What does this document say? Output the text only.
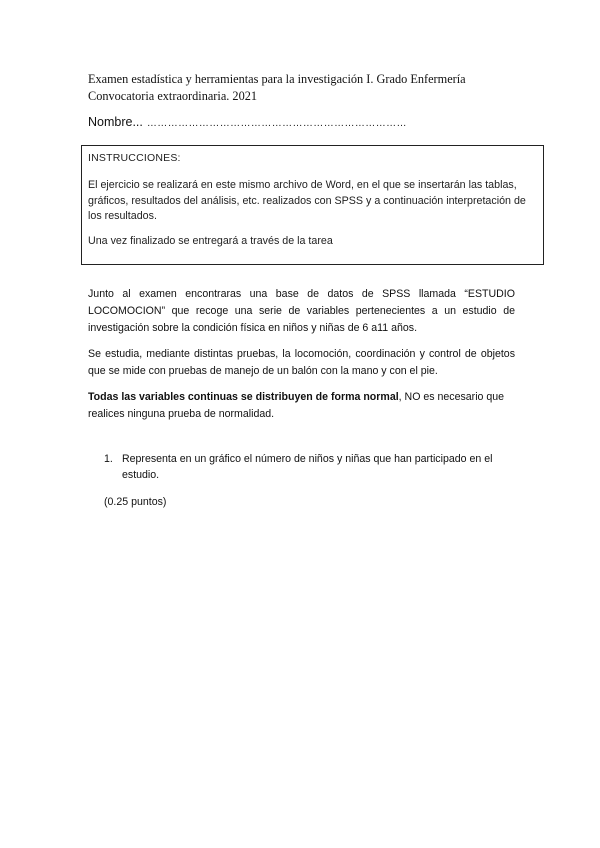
Examen estadística y herramientas para la investigación I. Grado Enfermería
Convocatoria extraordinaria. 2021
Nombre... …………………………………………………………………
INSTRUCCIONES:
El ejercicio se realizará en este mismo archivo de Word, en el que se insertarán las tablas, gráficos, resultados del análisis, etc. realizados con SPSS y a continuación interpretación de los resultados.
Una vez finalizado se entregará a través de la tarea
Junto al examen encontraras una base de datos de SPSS llamada “ESTUDIO LOCOMOCION” que recoge una serie de variables pertenecientes a un estudio de investigación sobre la condición física en niños y niñas de 6 a11 años.
Se estudia, mediante distintas pruebas, la locomoción, coordinación y control de objetos que se mide con pruebas de manejo de un balón con la mano y con el pie.
Todas las variables continuas se distribuyen de forma normal, NO es necesario que realices ninguna prueba de normalidad.
1. Representa en un gráfico el número de niños y niñas que han participado en el estudio.
(0.25 puntos)
